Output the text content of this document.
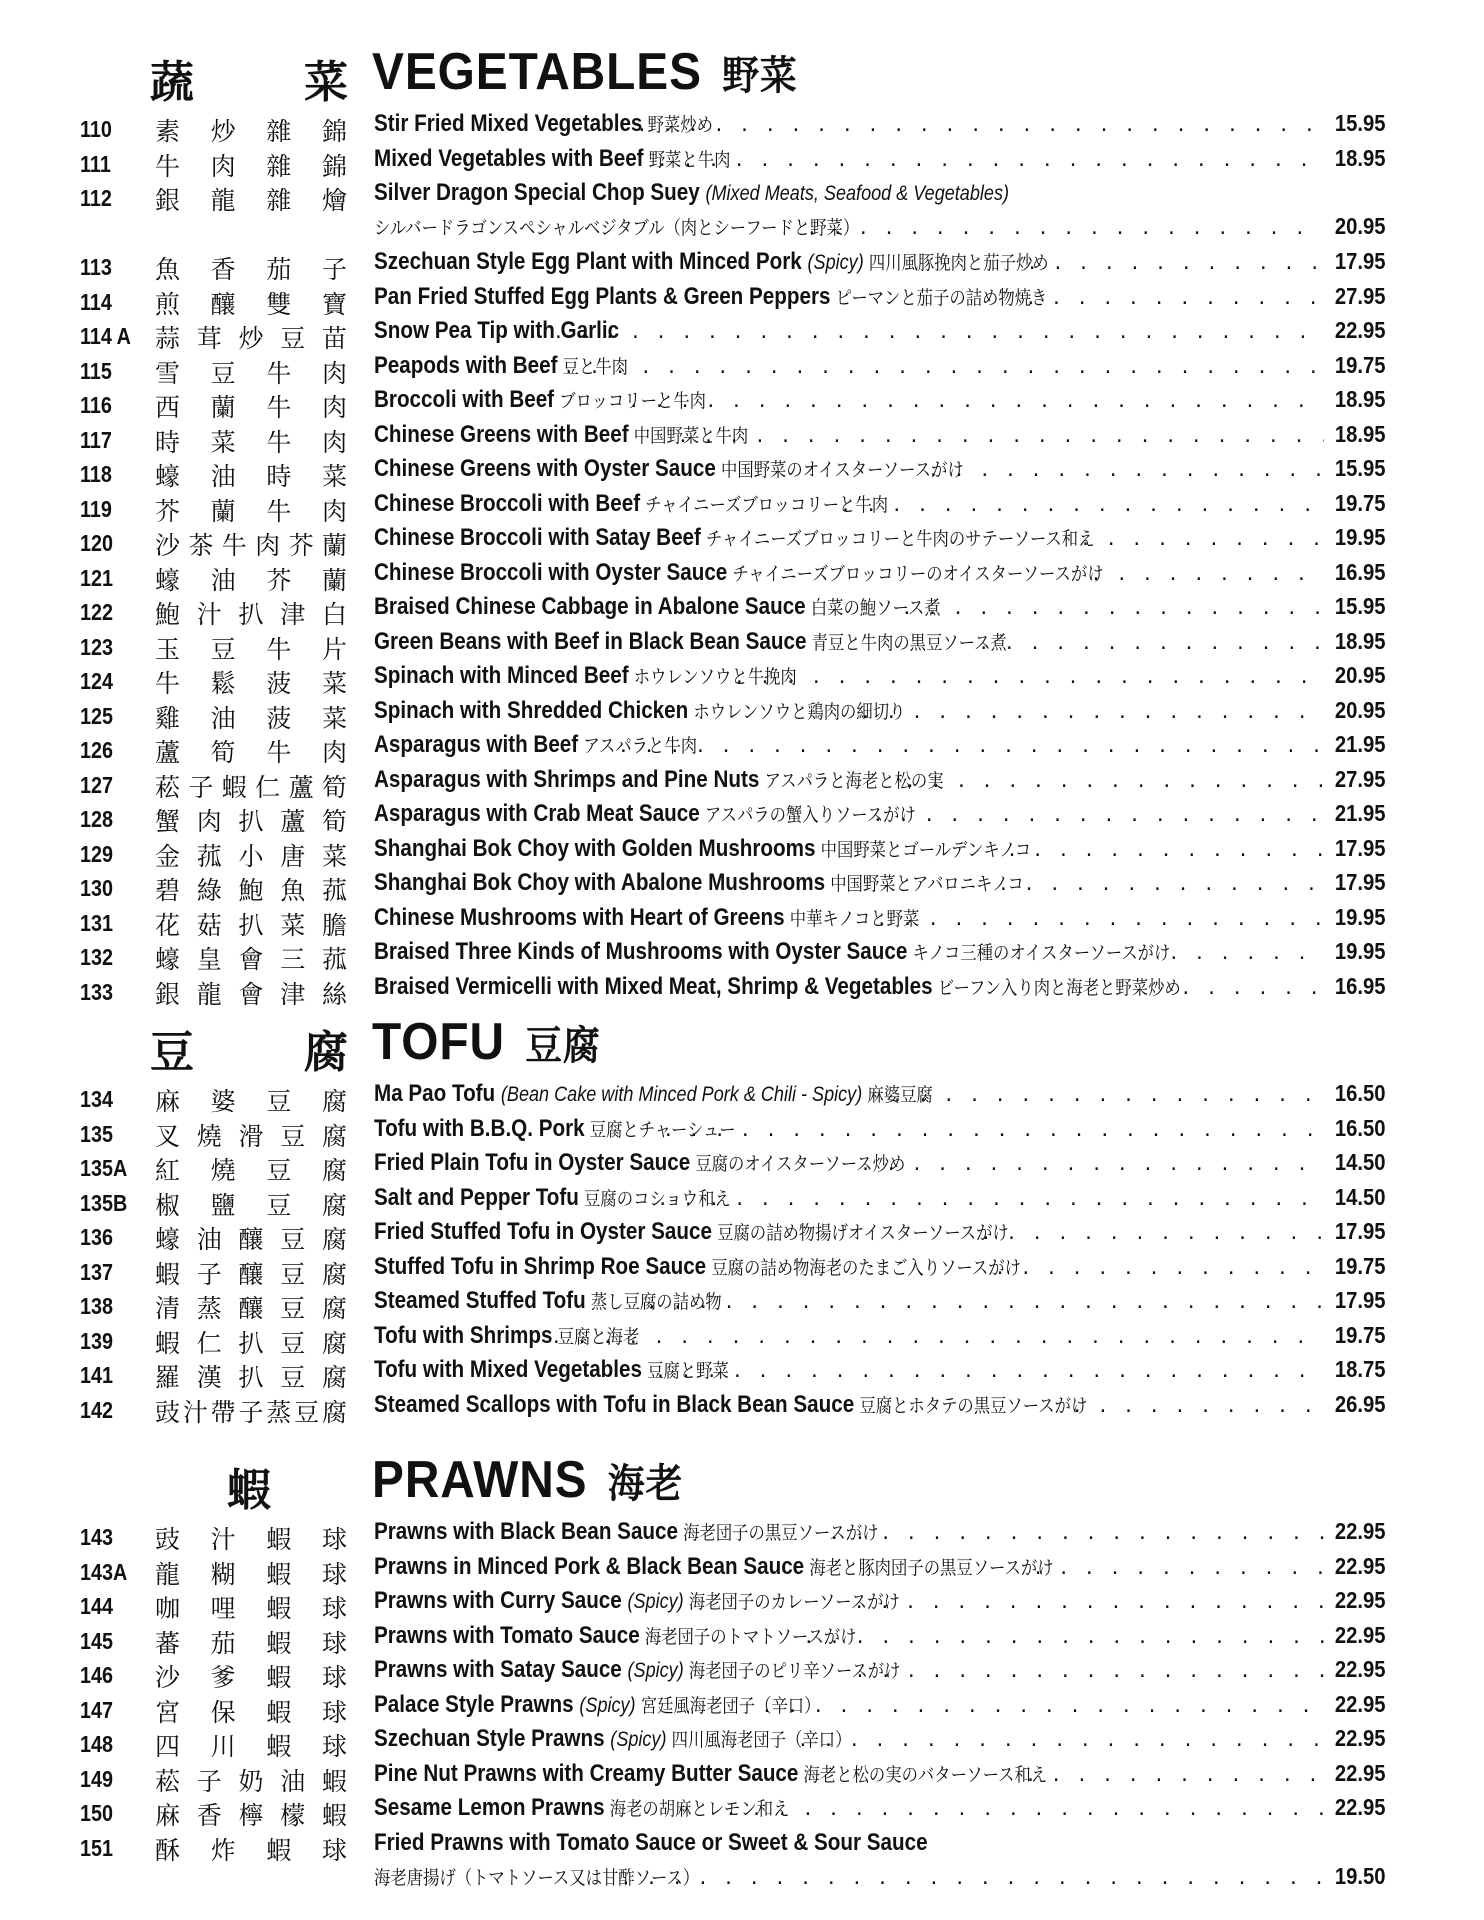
蔬 菜 VEGETABLES 野菜
110 素 炒 雜 錦 Stir Fried Mixed Vegetables 野菜炒め . . .	15.95
111 牛 肉 雜 錦 Mixed Vegetables with Beef 野菜と牛肉 . . .	18.95
112 銀 龍 雜 燴 Silver Dragon Special Chop Suey (Mixed Meats, Seafood & Vegetables)
シルバードラゴンスペシャルベジタブル（肉とシーフードと野菜） . . .	20.95
113 魚 香 茄 子 Szechuan Style Egg Plant with Minced Pork (Spicy) 四川風豚挽肉と茄子炒め . . .	17.95
114 煎 釀 雙 寶 Pan Fried Stuffed Egg Plants & Green Peppers ピーマンと茄子の詰め物焼き . . .	27.95
114 A 蒜 茸 炒 豆 苗 Snow Pea Tip with Garlic . . .	22.95
115 雪 豆 牛 肉 Peapods with Beef 豆と牛肉 . . .	19.75
116 西 蘭 牛 肉 Broccoli with Beef ブロッコリーと牛肉 . . .	18.95
117 時 菜 牛 肉 Chinese Greens with Beef 中国野菜と牛肉 . . .	18.95
118 蠔 油 時 菜 Chinese Greens with Oyster Sauce 中国野菜のオイスターソースがけ . . .	15.95
119 芥 蘭 牛 肉 Chinese Broccoli with Beef チャイニーズブロッコリーと牛肉 . . .	19.75
120 沙 茶 牛 肉 芥 蘭 Chinese Broccoli with Satay Beef チャイニーズブロッコリーと牛肉のサテーソース和え . . .	19.95
121 蠔 油 芥 蘭 Chinese Broccoli with Oyster Sauce チャイニーズブロッコリーのオイスターソースがけ . . .	16.95
122 鮑 汁 扒 津 白 Braised Chinese Cabbage in Abalone Sauce 白菜の鮑ソース煮 . . .	15.95
123 玉 豆 牛 片 Green Beans with Beef in Black Bean Sauce 青豆と牛肉の黒豆ソース煮 . . .	18.95
124 牛 鬆 菠 菜 Spinach with Minced Beef ホウレンソウと牛挽肉 . . .	20.95
125 雞 油 菠 菜 Spinach with Shredded Chicken ホウレンソウと鶏肉の細切り . . .	20.95
126 蘆 筍 牛 肉 Asparagus with Beef アスパラと牛肉 . . .	21.95
127 菘 子 蝦 仁 蘆 筍 Asparagus with Shrimps and Pine Nuts アスパラと海老と松の実 . . .	27.95
128 蟹 肉 扒 蘆 筍 Asparagus with Crab Meat Sauce アスパラの蟹入りソースがけ . . .	21.95
129 金 菰 小 唐 菜 Shanghai Bok Choy with Golden Mushrooms 中国野菜とゴールデンキノコ . . .	17.95
130 碧 綠 鮑 魚 菰 Shanghai Bok Choy with Abalone Mushrooms 中国野菜とアバロニキノコ . . .	17.95
131 花 菇 扒 菜 膽 Chinese Mushrooms with Heart of Greens 中華キノコと野菜 . . .	19.95
132 蠔 皇 會 三 菰 Braised Three Kinds of Mushrooms with Oyster Sauce キノコ三種のオイスターソースがけ . . .	19.95
133 銀 龍 會 津 絲 Braised Vermicelli with Mixed Meat, Shrimp & Vegetables ビーフン入り肉と海老と野菜炒め . . .	16.95
豆 腐 TOFU 豆腐
134 麻 婆 豆 腐 Ma Pao Tofu (Bean Cake with Minced Pork & Chili - Spicy) 麻婆豆腐 . . .	16.50
135 叉 燒 滑 豆 腐 Tofu with B.B.Q. Pork 豆腐とチャーシュー . . .	16.50
135A 紅 燒 豆 腐 Fried Plain Tofu in Oyster Sauce 豆腐のオイスターソース炒め . . .	14.50
135B 椒 鹽 豆 腐 Salt and Pepper Tofu 豆腐のコショウ和え . . .	14.50
136 蠔 油 釀 豆 腐 Fried Stuffed Tofu in Oyster Sauce 豆腐の詰め物揚げオイスターソースがけ . . .	17.95
137 蝦 子 釀 豆 腐 Stuffed Tofu in Shrimp Roe Sauce 豆腐の詰め物海老のたまご入りソースがけ . . .	19.75
138 清 蒸 釀 豆 腐 Steamed Stuffed Tofu 蒸し豆腐の詰め物 . . .	17.95
139 蝦 仁 扒 豆 腐 Tofu with Shrimps 豆腐と海老 . . .	19.75
141 羅 漢 扒 豆 腐 Tofu with Mixed Vegetables 豆腐と野菜 . . .	18.75
142 豉 汁 帶 子 蒸 豆 腐 Steamed Scallops with Tofu in Black Bean Sauce 豆腐とホタテの黒豆ソースがけ . . .	26.95
蝦	PRAWNS 海老
143 豉 汁 蝦 球 Prawns with Black Bean Sauce 海老団子の黒豆ソースがけ . . .	22.95
143A 龍 糊 蝦 球 Prawns in Minced Pork & Black Bean Sauce 海老と豚肉団子の黒豆ソースがけ . . .	22.95
144 咖 哩 蝦 球 Prawns with Curry Sauce (Spicy) 海老団子のカレーソースがけ . . .	22.95
145 蕃 茄 蝦 球 Prawns with Tomato Sauce 海老団子のトマトソースがけ . . .	22.95
146 沙 爹 蝦 球 Prawns with Satay Sauce (Spicy) 海老団子のピリ辛ソースがけ . . .	22.95
147 宮 保 蝦 球 Palace Style Prawns (Spicy) 宮廷風海老団子（辛口） . . .	22.95
148 四 川 蝦 球 Szechuan Style Prawns (Spicy) 四川風海老団子（辛口） . . .	22.95
149 菘 子 奶 油 蝦 Pine Nut Prawns with Creamy Butter Sauce 海老と松の実のバターソース和え . . .	22.95
150 麻 香 檸 檬 蝦 Sesame Lemon Prawns 海老の胡麻とレモン和え . . .	22.95
151 酥 炸 蝦 球 Fried Prawns with Tomato Sauce or Sweet & Sour Sauce
海老唐揚げ（トマトソース又は甘酢ソース） . . .	19.50
